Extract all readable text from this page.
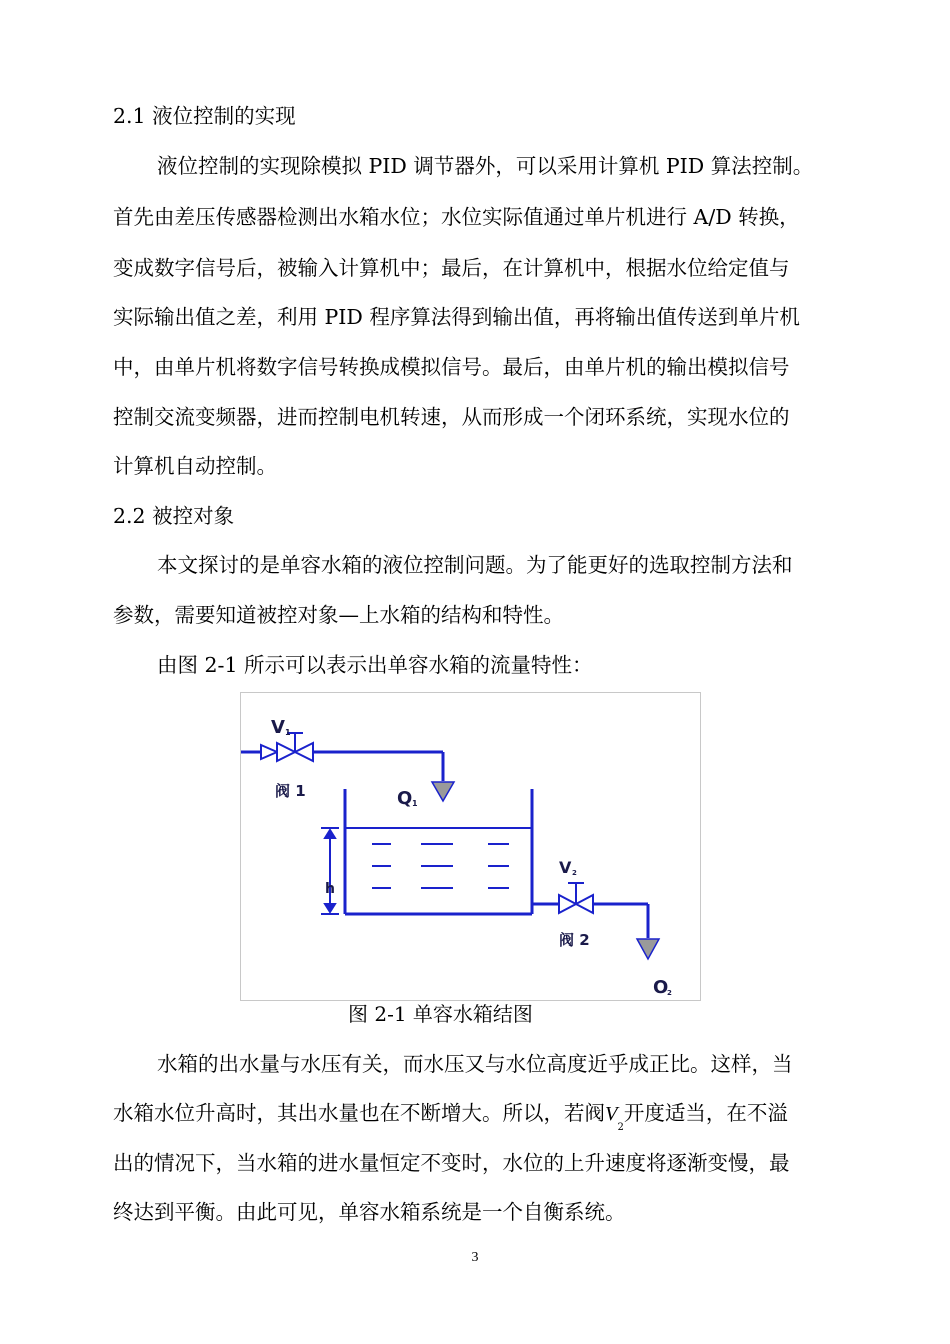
2.1 液位控制的实现
液位控制的实现除模拟 PID 调节器外，可以采用计算机 PID 算法控制。
首先由差压传感器检测出水箱水位；水位实际值通过单片机进行 A/D 转换，
变成数字信号后，被输入计算机中；最后，在计算机中，根据水位给定值与
实际输出值之差，利用 PID 程序算法得到输出值，再将输出值传送到单片机
中，由单片机将数字信号转换成模拟信号。最后，由单片机的输出模拟信号
控制交流变频器，进而控制电机转速，从而形成一个闭环系统，实现水位的
计算机自动控制。
2.2 被控对象
本文探讨的是单容水箱的液位控制问题。为了能更好的选取控制方法和
参数，需要知道被控对象—上水箱的结构和特性。
由图 2-1 所示可以表示出单容水箱的流量特性：
V 1
阀 1	Q 1
h
V 2
阀 2
O
2
图 2-1 单容水箱结图
水箱的出水量与水压有关，而水压又与水位高度近乎成正比。这样，当
水箱水位升高时，其出水量也在不断增大。所以，若阀$V_2$开度适当，在不溢
出的情况下，当水箱的进水量恒定不变时，水位的上升速度将逐渐变慢，最
终达到平衡。由此可见，单容水箱系统是一个自衡系统。
3
